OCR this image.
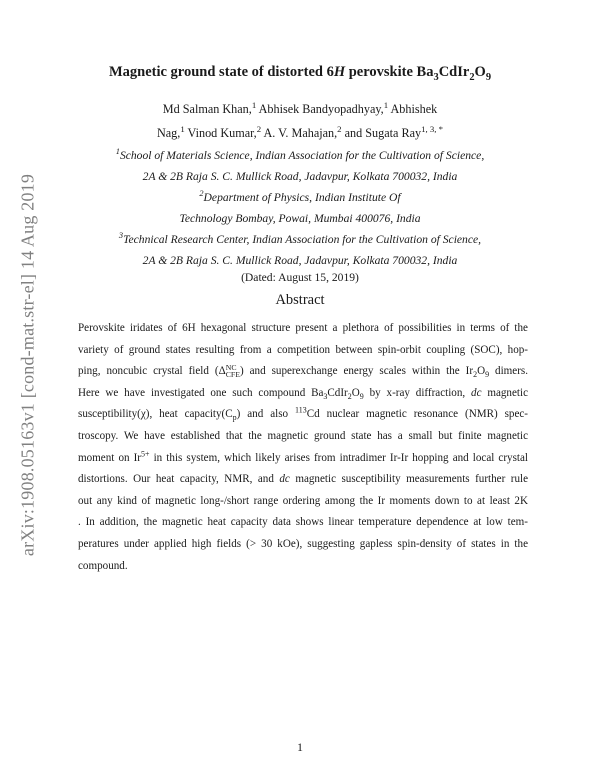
arXiv:1908.05163v1 [cond-mat.str-el] 14 Aug 2019
Magnetic ground state of distorted 6H perovskite $Ba_3CdIr_2O_9$
Md Salman Khan,$^1$ Abhisek Bandyopadhyay,$^1$ Abhishek
Nag,$^1$ Vinod Kumar,$^2$ A. V. Mahajan,$^2$ and Sugata Ray$^{1, 3, *}$
$^1$School of Materials Science, Indian Association for the Cultivation of Science,
2A & 2B Raja S. C. Mullick Road, Jadavpur, Kolkata 700032, India
$^2$Department of Physics, Indian Institute Of
Technology Bombay, Powai, Mumbai 400076, India
$^3$Technical Research Center, Indian Association for the Cultivation of Science,
2A & 2B Raja S. C. Mullick Road, Jadavpur, Kolkata 700032, India
(Dated: August 15, 2019)
Abstract
Perovskite iridates of 6H hexagonal structure present a plethora of possibilities in terms of the
variety of ground states resulting from a competition between spin-orbit coupling (SOC), hop-
ping, noncubic crystal field (Δ NC
CFE ) and superexchange energy scales within the $Ir_2O_9$ dimers.
Here we have investigated one such compound $Ba_3CdIr_2O_9$ by x-ray diffraction, dc magnetic
susceptibility(χ), heat $capacity(C_p)$ and also $^{113}$Cd nuclear magnetic resonance (NMR) spec-
troscopy. We have established that the magnetic ground state has a small but finite magnetic
moment on $Ir^{5+}$ in this system, which likely arises from intradimer Ir-Ir hopping and local crystal
distortions. Our heat capacity, NMR, and dc magnetic susceptibility measurements further rule
out any kind of magnetic long-/short range ordering among the Ir moments down to at least 2K
. In addition, the magnetic heat capacity data shows linear temperature dependence at low tem-
peratures under applied high fields (> 30 kOe), suggesting gapless spin-density of states in the
compound.
1
